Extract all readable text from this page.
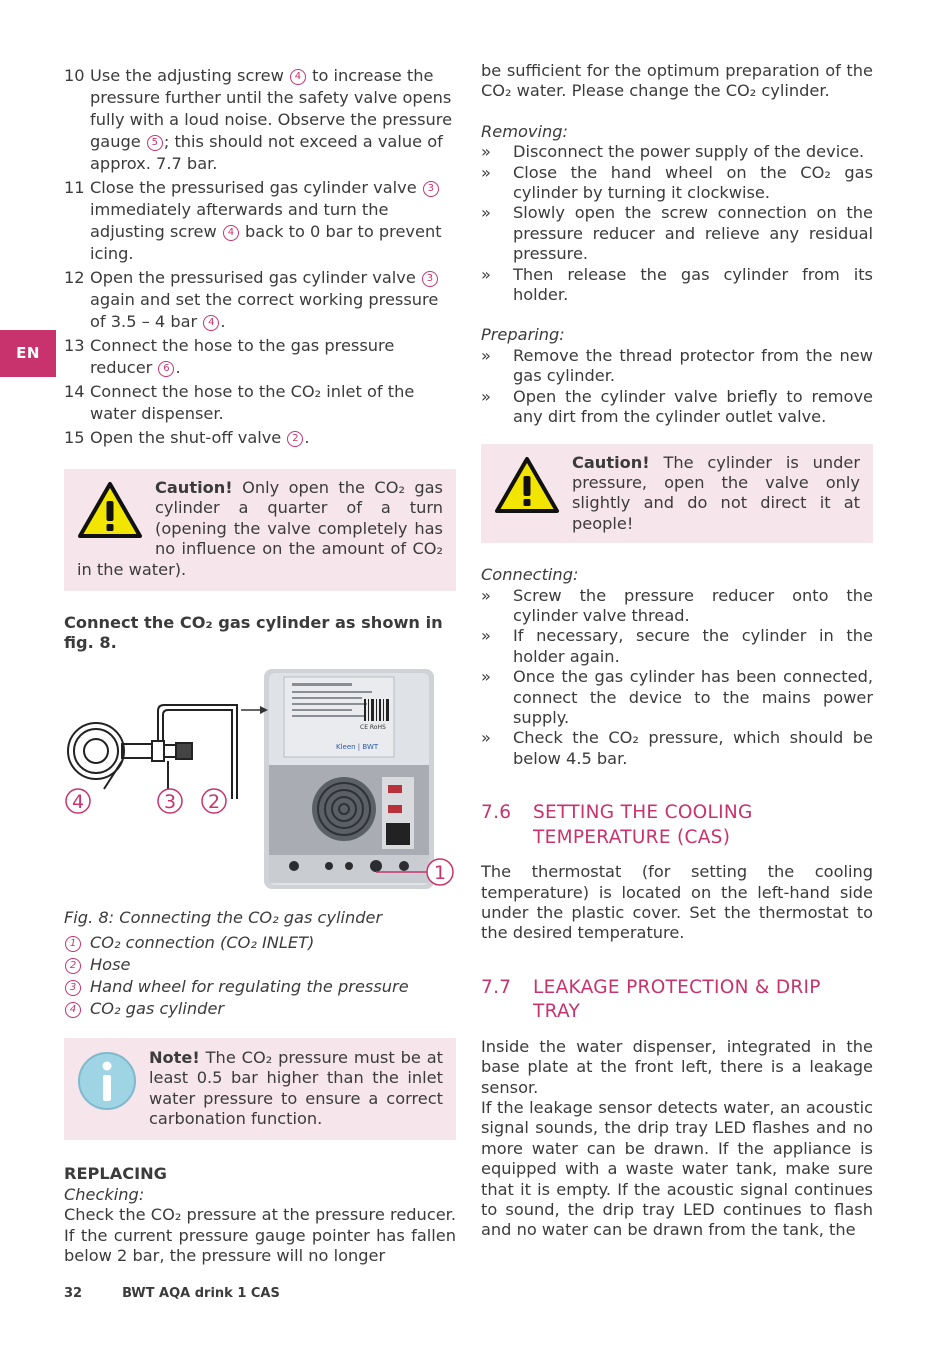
EN
10 Use the adjusting screw 4 to increase the pressure further until the safety valve opens fully with a loud noise. Observe the pressure gauge 5 ; this should not exceed a value of approx. 7.7 bar.
11 Close the pressurised gas cylinder valve 3 immediately afterwards and turn the adjusting screw 4 back to 0 bar to prevent icing.
12 Open the pressurised gas cylinder valve 3 again and set the correct working pressure of 3.5 – 4 bar 4 .
13 Connect the hose to the gas pressure reducer 6 .
14 Connect the hose to the CO₂ inlet of the water dispenser.
15 Open the shut-off valve 2 .
Caution! Only open the CO₂ gas cylinder a quarter of a turn (opening the valve completely has no influence on the amount of CO₂ in the water).
Connect the CO₂ gas cylinder as shown in fig. 8.
CE RoHS
Kleen | BWT
4	3 2
1
Fig. 8: Connecting the CO₂ gas cylinder
1 CO₂ connection (CO₂ INLET)
2 Hose
3 Hand wheel for regulating the pressure
4 CO₂ gas cylinder
Note! The CO₂ pressure must be at least 0.5 bar higher than the inlet water pressure to ensure a correct carbonation function.
REPLACING
Checking:
Check the CO₂ pressure at the pressure reducer. If the current pressure gauge pointer has fallen below 2 bar, the pressure will no longer
be sufficient for the optimum preparation of the CO₂ water. Please change the CO₂ cylinder.
Removing:
»	Disconnect the power supply of the device.
»	Close the hand wheel on the CO₂ gas cylinder by turning it clockwise.
»	Slowly open the screw connection on the pressure reducer and relieve any residual pressure.
»	Then release the gas cylinder from its holder.
Preparing:
»	Remove the thread protector from the new gas cylinder.
»	Open the cylinder valve briefly to remove any dirt from the cylinder outlet valve.
Caution! The cylinder is under pressure, open the valve only slightly and do not direct it at people!
Connecting:
»	Screw the pressure reducer onto the cylinder valve thread.
»	If necessary, secure the cylinder in the holder again.
»	Once the gas cylinder has been connected, connect the device to the mains power supply.
»	Check the CO₂ pressure, which should be below 4.5 bar.
7.6	SETTING THE COOLING TEMPERATURE (CAS)
The thermostat (for setting the cooling temperature) is located on the left-hand side under the plastic cover. Set the thermostat to the desired temperature.
7.7	LEAKAGE PROTECTION & DRIP TRAY
Inside the water dispenser, integrated in the base plate at the front left, there is a leakage sensor.
If the leakage sensor detects water, an acoustic signal sounds, the drip tray LED flashes and no more water can be drawn. If the appliance is equipped with a waste water tank, make sure that it is empty. If the acoustic signal continues to sound, the drip tray LED continues to flash and no water can be drawn from the tank, the
32	BWT AQA drink 1 CAS
